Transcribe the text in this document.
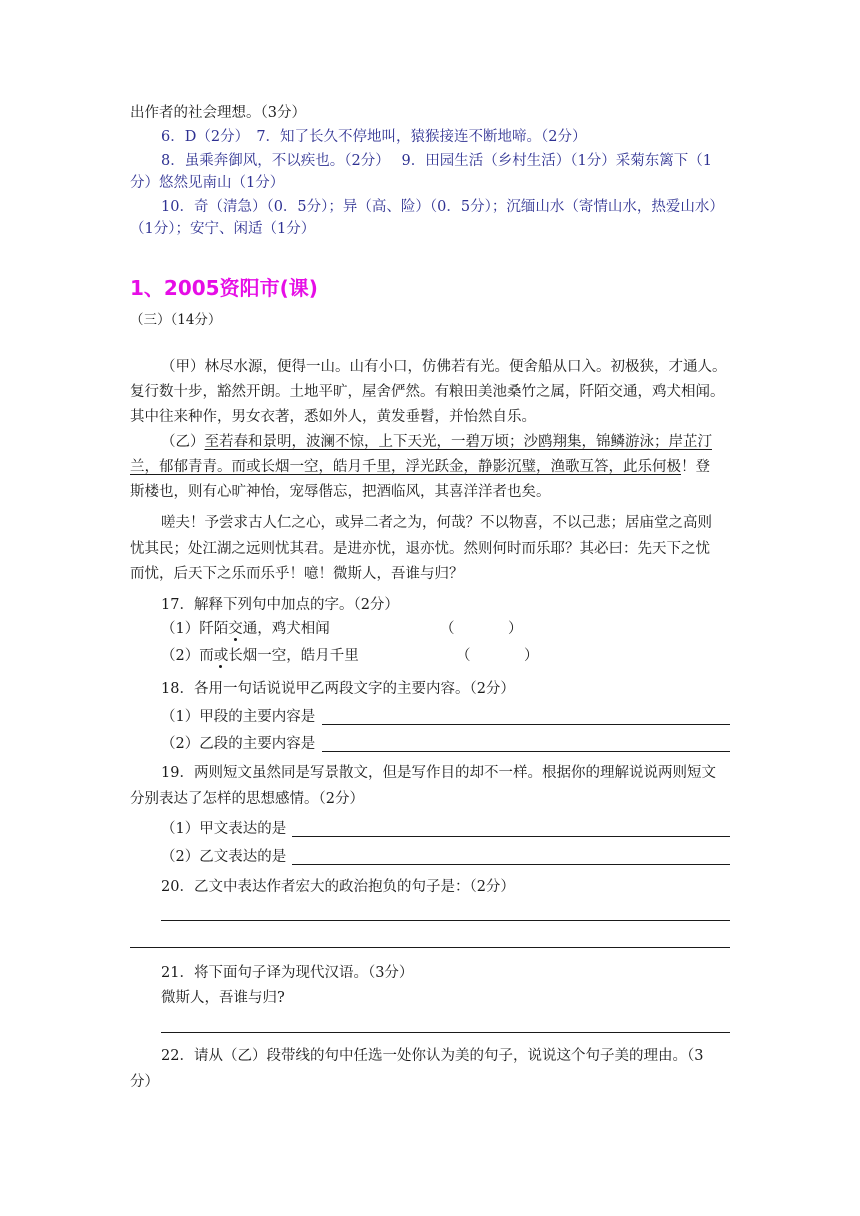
出作者的社会理想。（3分）
6．D（2分）　7．知了长久不停地叫，猿猴接连不断地啼。（2分）
8．虽乘奔御风，不以疾也。（2分）　 9．田园生活（乡村生活）（1分）采菊东篱下（1
分）悠然见南山（1分）
10．奇（清急）（0．5分）；异（高、险）（0．5分）；沉缅山水（寄情山水，热爱山水）
（1分）；安宁、闲适（1分）
1、2005资阳市(课)
（三）（14分）
（甲）林尽水源，便得一山。山有小口，仿佛若有光。便舍船从口入。初极狭，才通人。
复行数十步，豁然开朗。土地平旷，屋舍俨然。有粮田美池桑竹之属，阡陌交通，鸡犬相闻。
其中往来种作，男女衣著，悉如外人，黄发垂髫，并怡然自乐。
（乙）至若春和景明，波澜不惊，上下天光，一碧万顷；沙鸥翔集，锦鳞游泳；岸芷汀
兰，郁郁青青。而或长烟一空，皓月千里，浮光跃金，静影沉璧，渔歌互答，此乐何极！登
斯楼也，则有心旷神怡，宠辱偕忘，把酒临风，其喜洋洋者也矣。
嗟夫！予尝求古人仁之心，或异二者之为，何哉？不以物喜，不以己悲；居庙堂之高则
忧其民；处江湖之远则忧其君。是进亦忧，退亦忧。然则何时而乐耶？其必曰：先天下之忧
而忧，后天下之乐而乐乎！噫！微斯人，吾谁与归？
17．解释下列句中加点的字。（2分）
（1）阡陌交通，鸡犬相闻	（	）
（2）而或长烟一空，皓月千里	（	）
18．各用一句话说说甲乙两段文字的主要内容。（2分）
（1）甲段的主要内容是
（2）乙段的主要内容是
19．两则短文虽然同是写景散文，但是写作目的却不一样。根据你的理解说说两则短文
分别表达了怎样的思想感情。（2分）
（1）甲文表达的是
（2）乙文表达的是
20．乙文中表达作者宏大的政治抱负的句子是：（2分）
21．将下面句子译为现代汉语。（3分）
微斯人，吾谁与归?
22．请从（乙）段带线的句中任选一处你认为美的句子，说说这个句子美的理由。（3
分）
